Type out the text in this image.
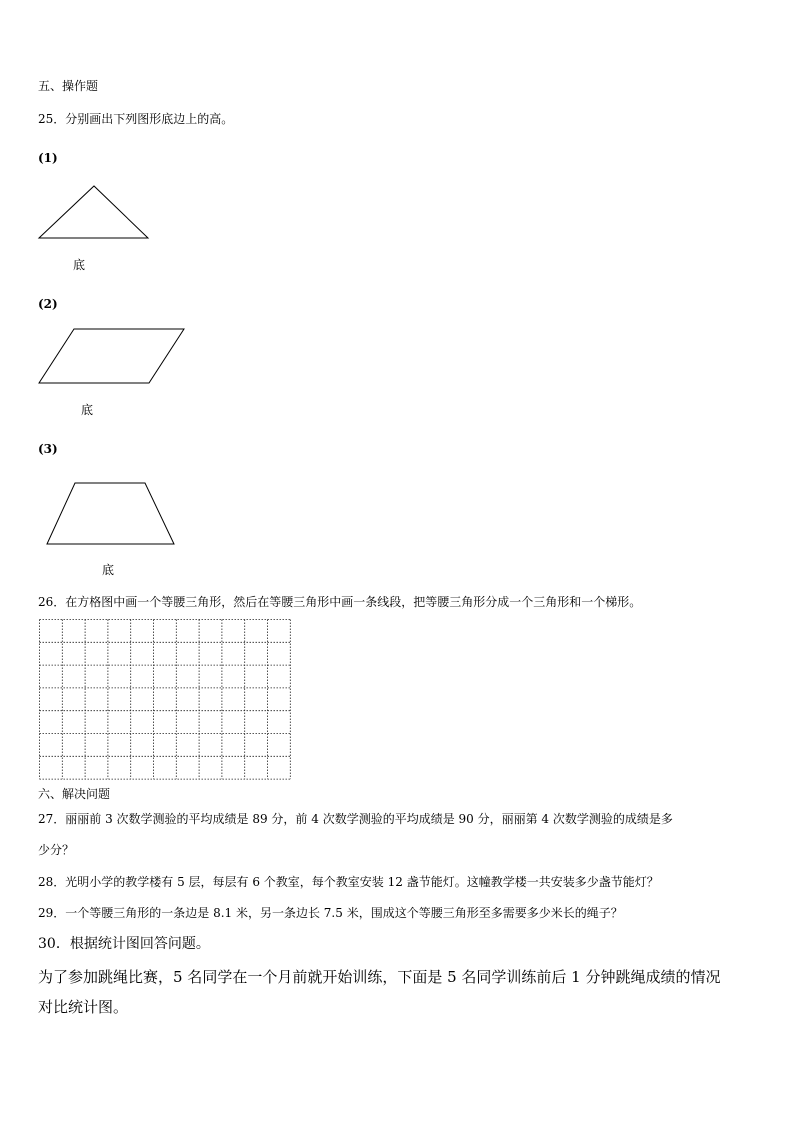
五、操作题
25．分别画出下列图形底边上的高。
(1)
底
(2)
底
(3)
底
26．在方格图中画一个等腰三角形，然后在等腰三角形中画一条线段，把等腰三角形分成一个三角形和一个梯形。
六、解决问题
27．丽丽前 3 次数学测验的平均成绩是 89 分，前 4 次数学测验的平均成绩是 90 分，丽丽第 4 次数学测验的成绩是多
少分？
28．光明小学的教学楼有 5 层，每层有 6 个教室，每个教室安装 12 盏节能灯。这幢教学楼一共安装多少盏节能灯？
29．一个等腰三角形的一条边是 8.1 米，另一条边长 7.5 米，围成这个等腰三角形至多需要多少米长的绳子？
30．根据统计图回答问题。
为了参加跳绳比赛，5 名同学在一个月前就开始训练，下面是 5 名同学训练前后 1 分钟跳绳成绩的情况
对比统计图。
